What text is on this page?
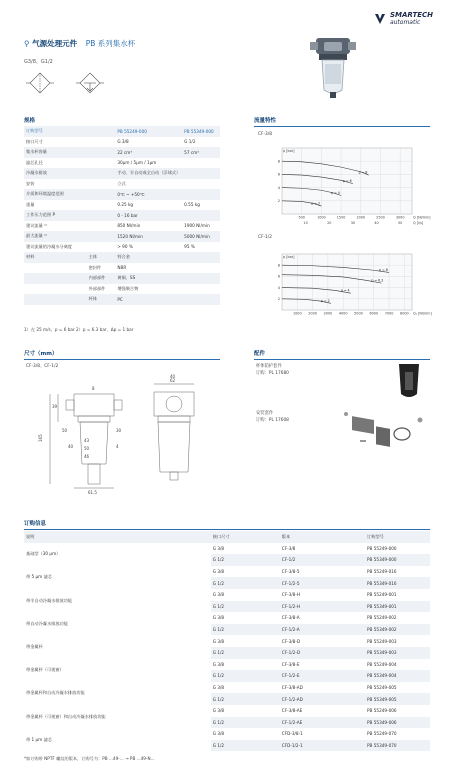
⚲ 气源处理元件 PB 系列集水杯
G3/8、G1/2
SMARTECH
automatic
规格
订购型号		PB 55249-000	PB 55349-000
接口尺寸		G 3/8	G 1/2
集水杯容量		22 cm³	57 cm³
滤芯孔径		30μm / 5μm / 1μm	
冷凝水排放		手动、半自动或全自动（浮球式）	
安装		立式	
介质和环境温度范围		0℃ ~ +50℃	
重量		0.25 kg	0.55 kg
工作压力范围 P		0 - 16 bar	
建议流量 ¹⁾		850 Nl/min	1900 Nl/min
最大流量 ²⁾		1520 Nl/min	5000 Nl/min
建议流量的冷凝水分离度		> 90 %	95 %
材料	主体	锌合金	
	密封件	NBR	
	内部部件	黄铜、SS	
	外部部件	增强聚合物	
	杯体	PC	
1）在 25 m/s，p = 6 bar 2）p = 6.3 bar，Δp = 1 bar
流量特性
CF-3/8
2
4
6
8
500	1000	1500	2000	2500	3000 Q [Nl/min]
p [bar]
10	20	30	40	50	Q [l/s]
p = 8
p = 6
p = 4
p = 2
CF-1/2
2
4
6
8
1000 2000 3000 4000 5000 6000 7000 8000 Q₁ [Nl/min]
p [bar]
p = 8
p = 6.3
p = 4
p = 2
尺寸（mm）
CF-3/8、CF-1/2
8
165
39
50
40
30
4
43
50
46
61.5
62
40
配件
杯体防护套件
订购：PL 17680
安装套件
订购：PL 17608
订购信息
说明	接口尺寸	版本	订购型号
基础型（30 μm）	G 3/8	CF-3/8	PB 55249-000
	G 1/2	CF-1/2	PB 55349-000
带 5 μm 滤芯	G 3/8	CF-3/8-5	PB 55249-016
	G 1/2	CF-1/2-5	PB 55349-016
带半自动冷凝水排放功能	G 3/8	CF-3/8-H	PB 55249-001
	G 1/2	CF-1/2-H	PB 55349-001
带自动冷凝水排放功能	G 3/8	CF-3/8-A	PB 55249-002
	G 1/2	CF-1/2-A	PB 55349-002
带金属杯	G 3/8	CF-3/8-D	PB 55249-003
	G 1/2	CF-1/2-D	PB 55349-003
带金属杯（可视窗）	G 3/8	CF-3/8-E	PB 55249-004
	G 1/2	CF-1/2-E	PB 55349-004
带金属杯和自动冷凝水排放功能	G 3/8	CF-3/8-AD	PB 55249-005
	G 1/2	CF-1/2-AD	PB 55349-005
带金属杯（可视窗）和自动冷凝水排放功能	G 3/8	CF-3/8-AE	PB 55249-006
	G 1/2	CF-1/2-AE	PB 55349-006
带 1 μm 滤芯	G 3/8	CFD-3/8-1	PB 55249-070
	G 1/2	CFD-1/2-1	PB 55349-070
*如订购带 NPTF 螺纹的版本，订购号为：PB ...49-... → PB ...49-N...
